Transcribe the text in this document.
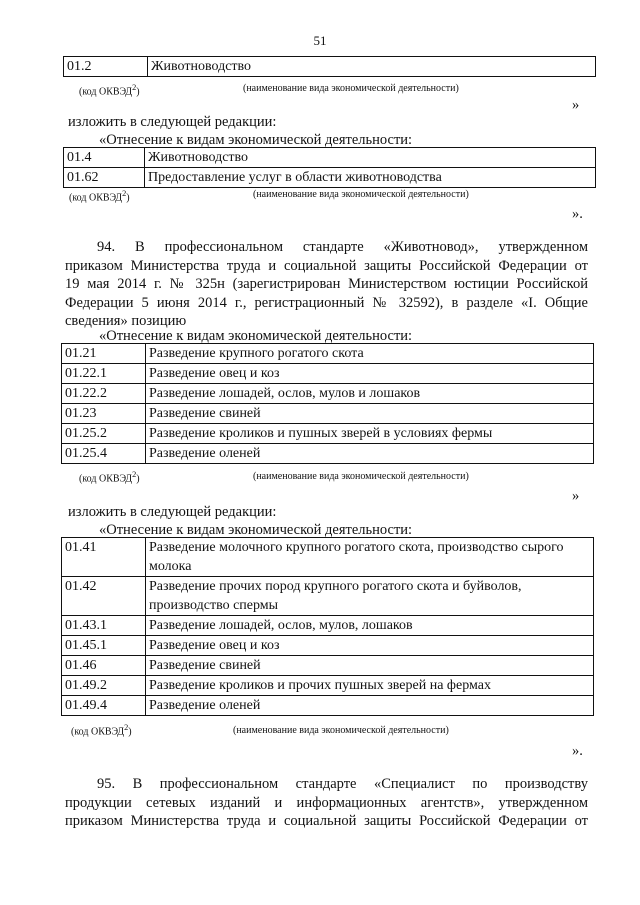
51
01.2	Животноводство
(код ОКВЭД$^2$)	(наименование вида экономической деятельности)
»
изложить в следующей редакции:
«Отнесение к видам экономической деятельности:
01.4	Животноводство
01.62	Предоставление услуг в области животноводства
(код ОКВЭД$^2$)	(наименование вида экономической деятельности)
».
94. В профессиональном стандарте «Животновод», утвержденном
приказом Министерства труда и социальной защиты Российской Федерации от
19 мая 2014 г. № 325н (зарегистрирован Министерством юстиции Российской
Федерации 5 июня 2014 г., регистрационный № 32592), в разделе «I. Общие
сведения» позицию
«Отнесение к видам экономической деятельности:
01.21	Разведение крупного рогатого скота
01.22.1	Разведение овец и коз
01.22.2	Разведение лошадей, ослов, мулов и лошаков
01.23	Разведение свиней
01.25.2	Разведение кроликов и пушных зверей в условиях фермы
01.25.4	Разведение оленей
(код ОКВЭД$^2$)	(наименование вида экономической деятельности)
»
изложить в следующей редакции:
«Отнесение к видам экономической деятельности:
01.41	Разведение молочного крупного рогатого скота, производство сырого молока
01.42	Разведение прочих пород крупного рогатого скота и буйволов, производство спермы
01.43.1	Разведение лошадей, ослов, мулов, лошаков
01.45.1	Разведение овец и коз
01.46	Разведение свиней
01.49.2	Разведение кроликов и прочих пушных зверей на фермах
01.49.4	Разведение оленей
(код ОКВЭД$^2$)	(наименование вида экономической деятельности)
».
95. В профессиональном стандарте «Специалист по производству
продукции сетевых изданий и информационных агентств», утвержденном
приказом Министерства труда и социальной защиты Российской Федерации от
